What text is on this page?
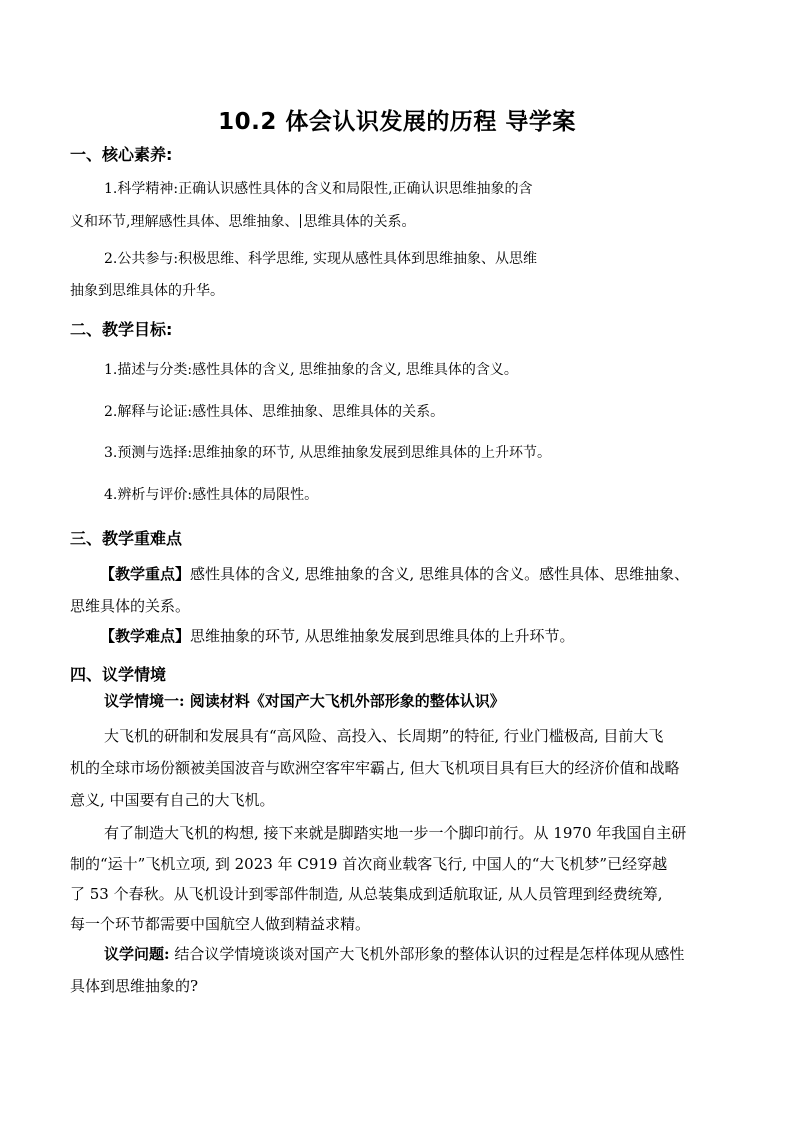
10.2 体会认识发展的历程 导学案
一、核心素养:
1.科学精神:正确认识感性具体的含义和局限性,正确认识思维抽象的含
义和环节,理解感性具体、思维抽象、 思维具体的关系。
2.公共参与:积极思维、科学思维, 实现从感性具体到思维抽象、从思维
抽象到思维具体的升华。
二、教学目标:
1.描述与分类:感性具体的含义, 思维抽象的含义, 思维具体的含义。
2.解释与论证:感性具体、思维抽象、思维具体的关系。
3.预测与选择:思维抽象的环节, 从思维抽象发展到思维具体的上升环节。
4.辨析与评价:感性具体的局限性。
三、教学重难点
【教学重点】感性具体的含义, 思维抽象的含义, 思维具体的含义。感性具体、思维抽象、
思维具体的关系。
【教学难点】思维抽象的环节, 从思维抽象发展到思维具体的上升环节。
四、议学情境
议学情境一: 阅读材料《对国产大飞机外部形象的整体认识》
大飞机的研制和发展具有“高风险、高投入、长周期”的特征, 行业门槛极高, 目前大飞
机的全球市场份额被美国波音与欧洲空客牢牢霸占, 但大飞机项目具有巨大的经济价值和战略
意义, 中国要有自己的大飞机。
有了制造大飞机的构想, 接下来就是脚踏实地一步一个脚印前行。从 1970 年我国自主研
制的“运十”飞机立项, 到 2023 年 C919 首次商业载客飞行, 中国人的“大飞机梦”已经穿越
了 53 个春秋。从飞机设计到零部件制造, 从总装集成到适航取证, 从人员管理到经费统筹,
每一个环节都需要中国航空人做到精益求精。
议学问题: 结合议学情境谈谈对国产大飞机外部形象的整体认识的过程是怎样体现从感性
具体到思维抽象的?
